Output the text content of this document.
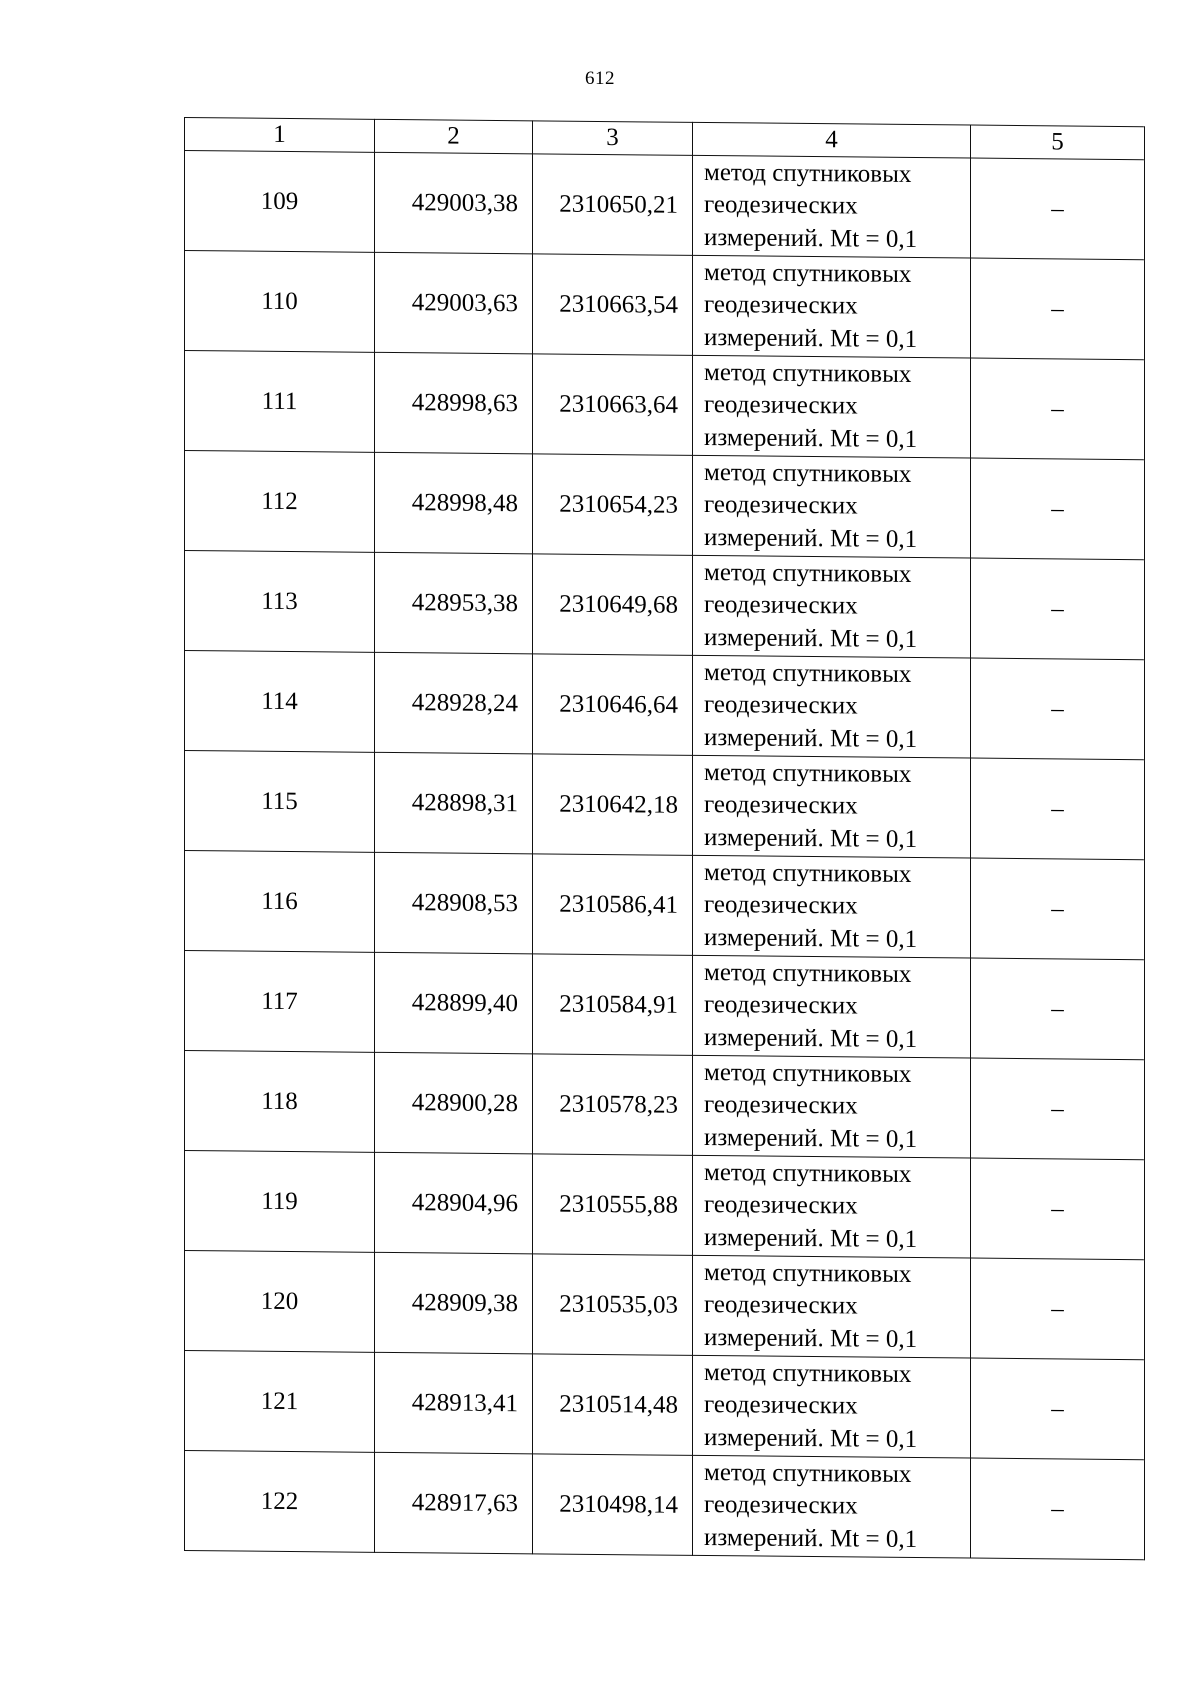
612
1	2	3	4	5
109	429003,38	2310650,21	метод спутниковых
геодезических
измерений. Mt = 0,1	–
110	429003,63	2310663,54	метод спутниковых
геодезических
измерений. Mt = 0,1	–
111	428998,63	2310663,64	метод спутниковых
геодезических
измерений. Mt = 0,1	–
112	428998,48	2310654,23	метод спутниковых
геодезических
измерений. Mt = 0,1	–
113	428953,38	2310649,68	метод спутниковых
геодезических
измерений. Mt = 0,1	–
114	428928,24	2310646,64	метод спутниковых
геодезических
измерений. Mt = 0,1	–
115	428898,31	2310642,18	метод спутниковых
геодезических
измерений. Mt = 0,1	–
116	428908,53	2310586,41	метод спутниковых
геодезических
измерений. Mt = 0,1	–
117	428899,40	2310584,91	метод спутниковых
геодезических
измерений. Mt = 0,1	–
118	428900,28	2310578,23	метод спутниковых
геодезических
измерений. Mt = 0,1	–
119	428904,96	2310555,88	метод спутниковых
геодезических
измерений. Mt = 0,1	–
120	428909,38	2310535,03	метод спутниковых
геодезических
измерений. Mt = 0,1	–
121	428913,41	2310514,48	метод спутниковых
геодезических
измерений. Mt = 0,1	–
122	428917,63	2310498,14	метод спутниковых
геодезических
измерений. Mt = 0,1	–
